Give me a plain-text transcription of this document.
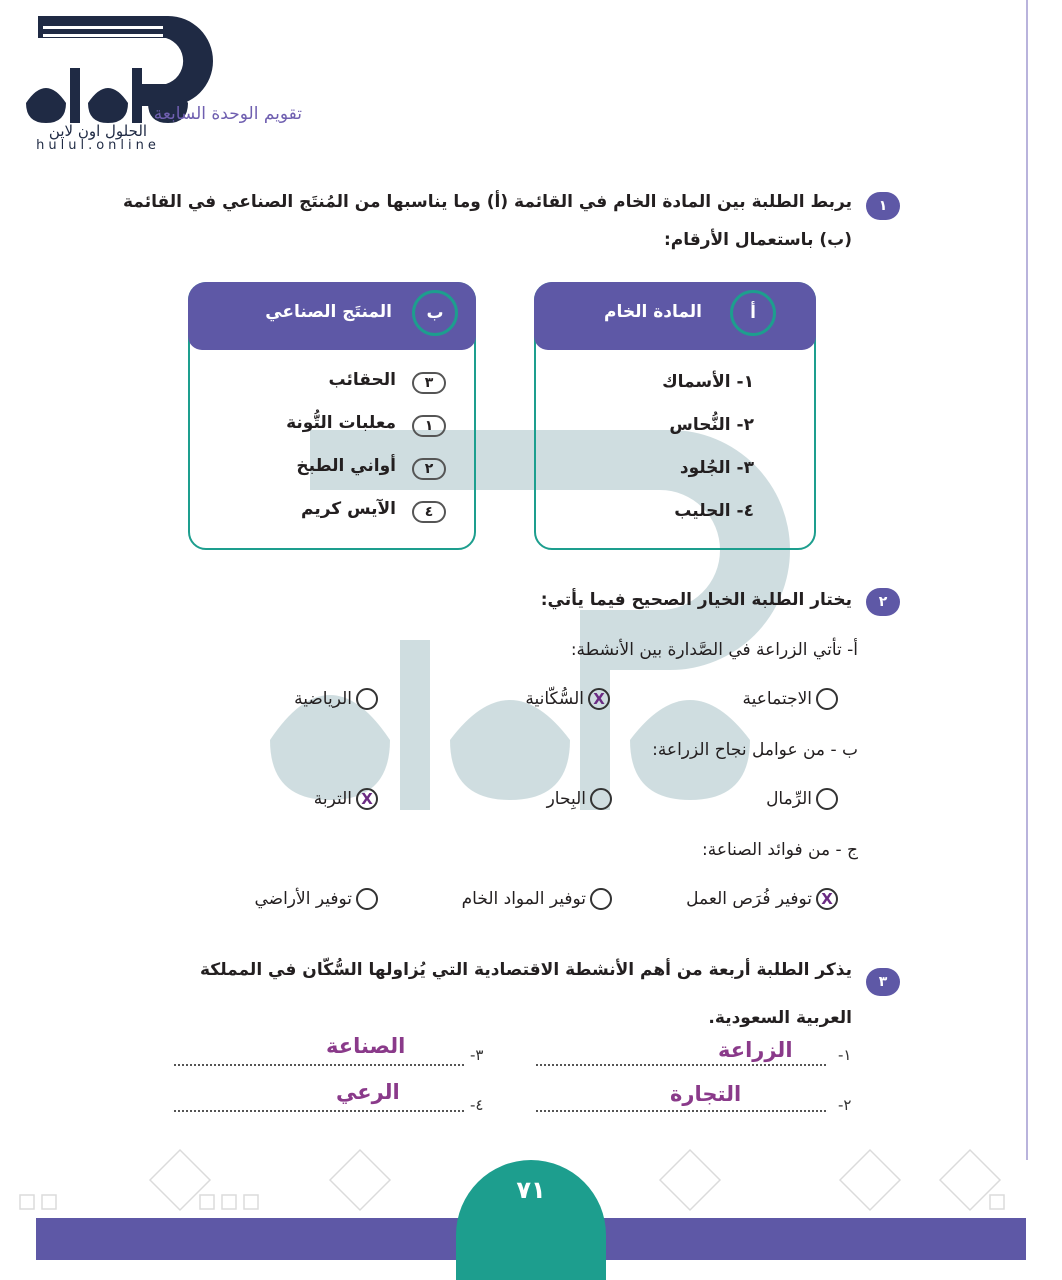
الحلول اون لاين
hulul.online
تقويم الوحدة السابعة
١
يربط الطلبة بين المادة الخام في القائمة (أ) وما يناسبها من المُنتَج الصناعي في القائمة
(ب) باستعمال الأرقام:
أ
المادة الخام
١- الأسماك
٢- النُّحاس
٣- الجُلود
٤- الحليب
ب
المنتَج الصناعي
٣
الحقائب
١
معلبات التُّونة
٢
أواني الطبخ
٤
الآيس كريم
٢
يختار الطلبة الخيار الصحيح فيما يأتي:
أ- تأتي الزراعة في الصَّدارة بين الأنشطة:
الاجتماعية
X
السُّكّانية
الرياضية
ب - من عوامل نجاح الزراعة:
الرِّمال
البِحار
X
التربة
ج - من فوائد الصناعة:
X
توفير فُرَص العمل
توفير المواد الخام
توفير الأراضي
٣
يذكر الطلبة أربعة من أهم الأنشطة الاقتصادية التي يُزاولها السُّكّان في المملكة
العربية السعودية.
١-
الزراعة
٢-
التجارة
٣-
الصناعة
٤-
الرعي
٧١
